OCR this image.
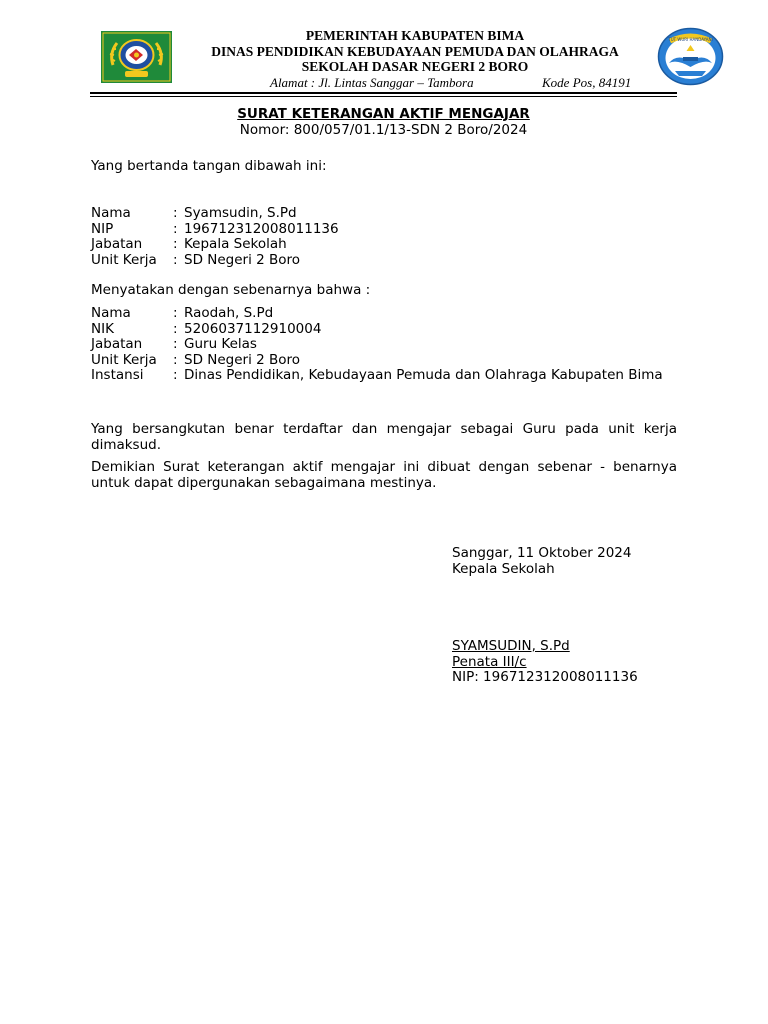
PEMERINTAH KABUPATEN BIMA
DINAS PENDIDIKAN KEBUDAYAAN PEMUDA DAN OLAHRAGA
SEKOLAH DASAR NEGERI 2 BORO
Alamat : Jl. Lintas Sanggar – Tambora	Kode Pos, 84191
TUT WURI HANDAYANI
SURAT KETERANGAN AKTIF MENGAJAR
Nomor: 800/057/01.1/13-SDN 2 Boro/2024
Yang bertanda tangan dibawah ini:
Nama	:	Syamsudin, S.Pd
NIP	:	196712312008011136
Jabatan	:	Kepala Sekolah
Unit Kerja	:	SD Negeri 2 Boro
Menyatakan dengan sebenarnya bahwa :
Nama	:	Raodah, S.Pd
NIK	:	5206037112910004
Jabatan	:	Guru Kelas
Unit Kerja	:	SD Negeri 2 Boro
Instansi	:	Dinas Pendidikan, Kebudayaan Pemuda dan Olahraga Kabupaten Bima
Yang bersangkutan benar terdaftar dan mengajar sebagai Guru pada unit kerja dimaksud.
Demikian Surat keterangan aktif mengajar ini dibuat dengan sebenar - benarnya untuk dapat dipergunakan sebagaimana mestinya.
Sanggar, 11 Oktober 2024
Kepala Sekolah
SYAMSUDIN, S.Pd
Penata III/c
NIP: 196712312008011136
